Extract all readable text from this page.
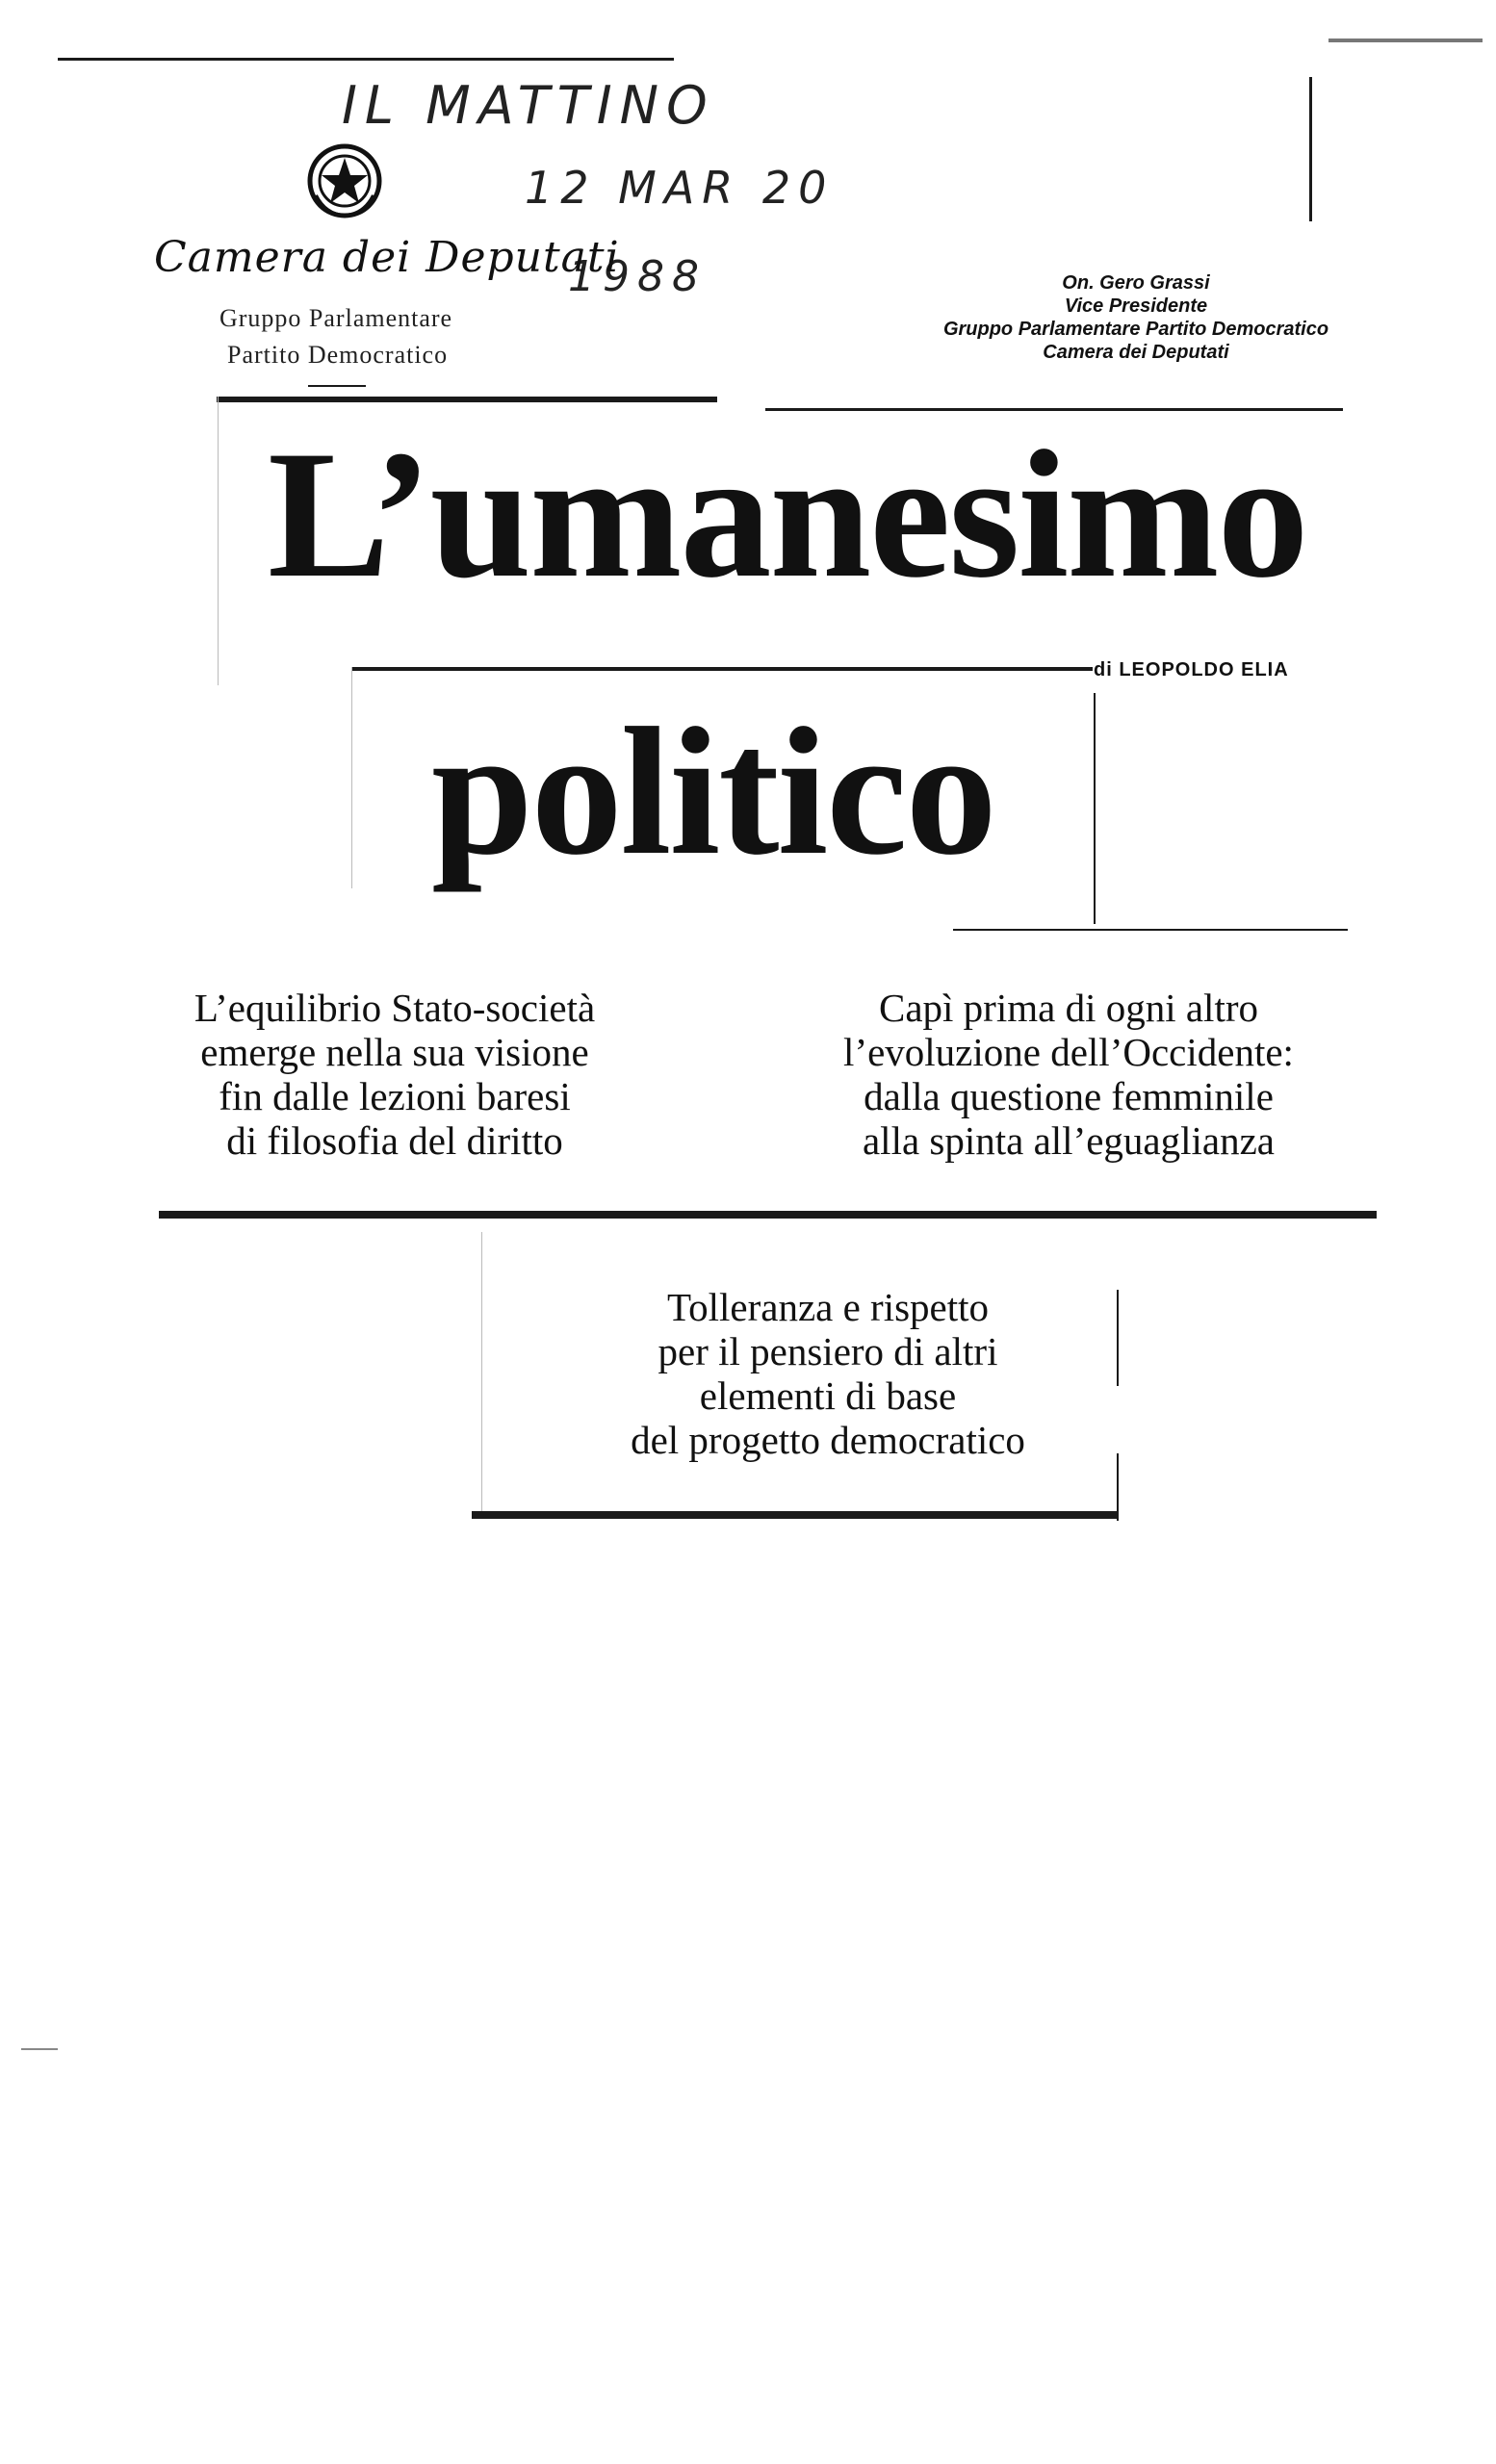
IL MATTINO
12 MAR 20
1988
Camera dei Deputati
Gruppo Parlamentare
Partito Democratico
On. Gero Grassi
Vice Presidente
Gruppo Parlamentare Partito Democratico
Camera dei Deputati
L’umanesimo
di LEOPOLDO ELIA
politico
L’equilibrio Stato-società
emerge nella sua visione
fin dalle lezioni baresi
di filosofia del diritto
Capì prima di ogni altro
l’evoluzione dell’Occidente:
dalla questione femminile
alla spinta all’eguaglianza
Tolleranza e rispetto
per il pensiero di altri
elementi di base
del progetto democratico
